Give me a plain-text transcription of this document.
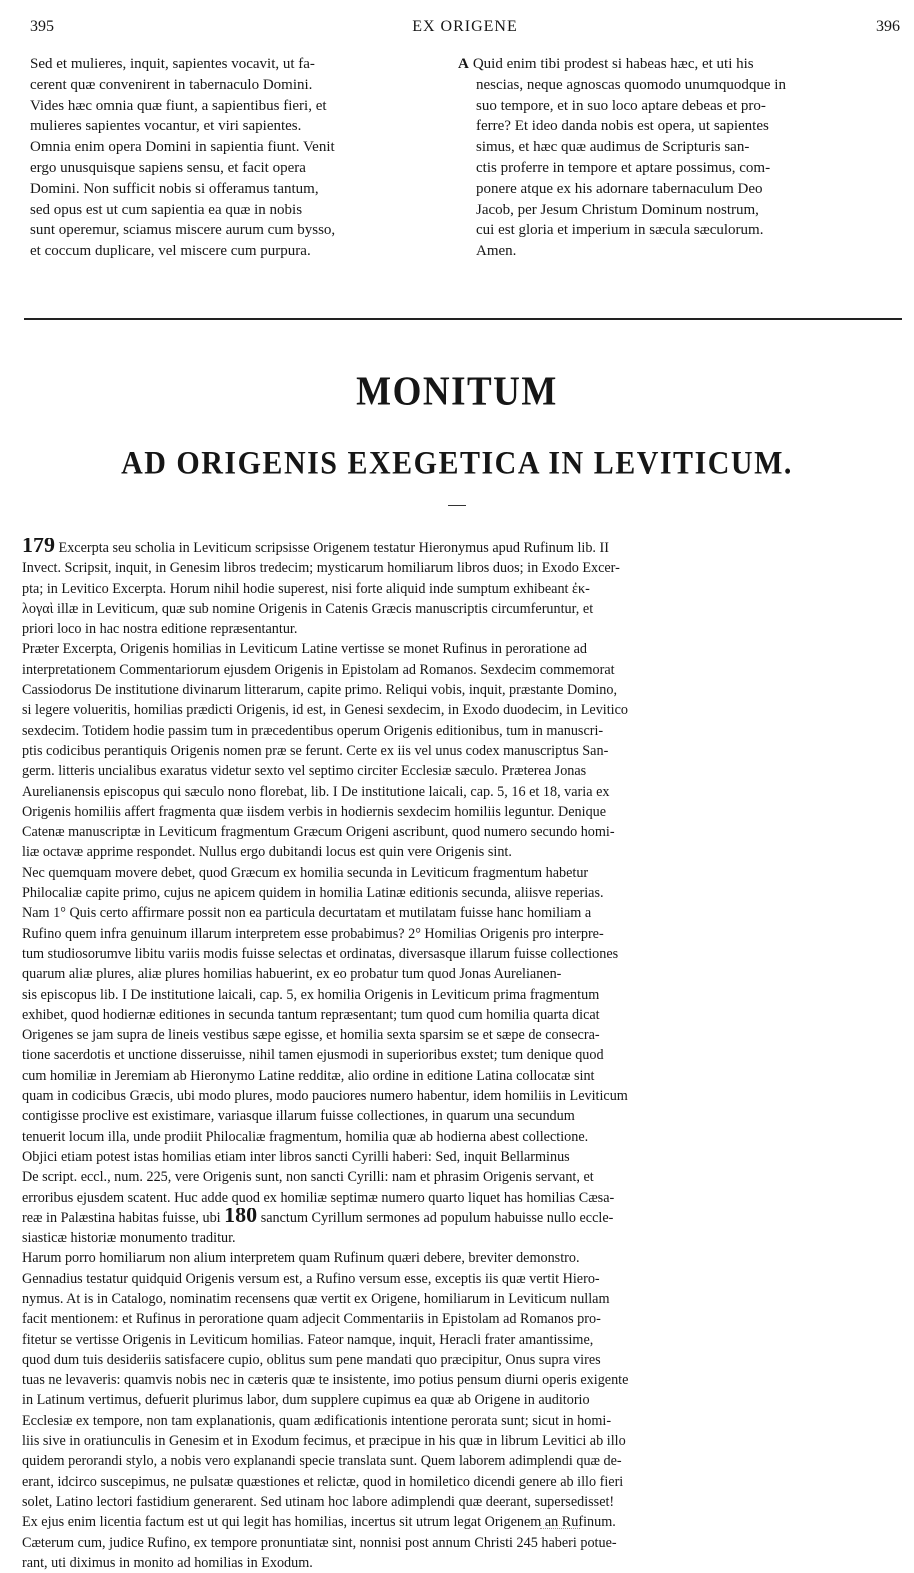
395	EX ORIGENE	396
Sed et mulieres, inquit, sapientes vocavit, ut fa-
cerent quæ convenirent in tabernaculo Domini.
Vides hæc omnia quæ fiunt, a sapientibus fieri, et
mulieres sapientes vocantur, et viri sapientes.
Omnia enim opera Domini in sapientia fiunt. Venit
ergo unusquisque sapiens sensu, et facit opera
Domini. Non sufficit nobis si offeramus tantum,
sed opus est ut cum sapientia ea quæ in nobis
sunt operemur, sciamus miscere aurum cum bysso,
et coccum duplicare, vel miscere cum purpura.
A Quid enim tibi prodest si habeas hæc, et uti his
nescias, neque agnoscas quomodo unumquodque in
suo tempore, et in suo loco aptare debeas et pro-
ferre? Et ideo danda nobis est opera, ut sapientes
simus, et hæc quæ audimus de Scripturis san-
ctis proferre in tempore et aptare possimus, com-
ponere atque ex his adornare tabernaculum Deo
Jacob, per Jesum Christum Dominum nostrum,
cui est gloria et imperium in sæcula sæculorum.
Amen.
MONITUM
AD ORIGENIS EXEGETICA IN LEVITICUM.
179 Excerpta seu scholia in Leviticum scripsisse Origenem testatur Hieronymus apud Rufinum lib. II
Invect. Scripsit, inquit, in Genesim libros tredecim; mysticarum homiliarum libros duos; in Exodo Excer-
pta; in Levitico Excerpta. Horum nihil hodie superest, nisi forte aliquid inde sumptum exhibeant ἐκ-
λογαὶ illæ in Leviticum, quæ sub nomine Origenis in Catenis Græcis manuscriptis circumferuntur, et
priori loco in hac nostra editione repræsentantur.
Præter Excerpta, Origenis homilias in Leviticum Latine vertisse se monet Rufinus in peroratione ad
interpretationem Commentariorum ejusdem Origenis in Epistolam ad Romanos. Sexdecim commemorat
Cassiodorus De institutione divinarum litterarum, capite primo. Reliqui vobis, inquit, præstante Domino,
si legere volueritis, homilias prædicti Origenis, id est, in Genesi sexdecim, in Exodo duodecim, in Levitico
sexdecim. Totidem hodie passim tum in præcedentibus operum Origenis editionibus, tum in manuscri-
ptis codicibus perantiquis Origenis nomen præ se ferunt. Certe ex iis vel unus codex manuscriptus San-
germ. litteris uncialibus exaratus videtur sexto vel septimo circiter Ecclesiæ sæculo. Præterea Jonas
Aurelianensis episcopus qui sæculo nono florebat, lib. I De institutione laicali, cap. 5, 16 et 18, varia ex
Origenis homiliis affert fragmenta quæ iisdem verbis in hodiernis sexdecim homiliis leguntur. Denique
Catenæ manuscriptæ in Leviticum fragmentum Græcum Origeni ascribunt, quod numero secundo homi-
liæ octavæ apprime respondet. Nullus ergo dubitandi locus est quin vere Origenis sint.
Nec quemquam movere debet, quod Græcum ex homilia secunda in Leviticum fragmentum habetur
Philocaliæ capite primo, cujus ne apicem quidem in homilia Latinæ editionis secunda, aliisve reperias.
Nam 1° Quis certo affirmare possit non ea particula decurtatam et mutilatam fuisse hanc homiliam a
Rufino quem infra genuinum illarum interpretem esse probabimus? 2° Homilias Origenis pro interpre-
tum studiosorumve libitu variis modis fuisse selectas et ordinatas, diversasque illarum fuisse collectiones
quarum aliæ plures, aliæ plures homilias habuerint, ex eo probatur tum quod Jonas Aurelianen-
sis episcopus lib. I De institutione laicali, cap. 5, ex homilia Origenis in Leviticum prima fragmentum
exhibet, quod hodiernæ editiones in secunda tantum repræsentant; tum quod cum homilia quarta dicat
Origenes se jam supra de lineis vestibus sæpe egisse, et homilia sexta sparsim se et sæpe de consecra-
tione sacerdotis et unctione disseruisse, nihil tamen ejusmodi in superioribus exstet; tum denique quod
cum homiliæ in Jeremiam ab Hieronymo Latine redditæ, alio ordine in editione Latina collocatæ sint
quam in codicibus Græcis, ubi modo plures, modo pauciores numero habentur, idem homiliis in Leviticum
contigisse proclive est existimare, variasque illarum fuisse collectiones, in quarum una secundum
tenuerit locum illa, unde prodiit Philocaliæ fragmentum, homilia quæ ab hodierna abest collectione.
Objici etiam potest istas homilias etiam inter libros sancti Cyrilli haberi: Sed, inquit Bellarminus
De script. eccl., num. 225, vere Origenis sunt, non sancti Cyrilli: nam et phrasim Origenis servant, et
erroribus ejusdem scatent. Huc adde quod ex homiliæ septimæ numero quarto liquet has homilias Cæsa-
reæ in Palæstina habitas fuisse, ubi 180 sanctum Cyrillum sermones ad populum habuisse nullo eccle-
siasticæ historiæ monumento traditur.
Harum porro homiliarum non alium interpretem quam Rufinum quæri debere, breviter demonstro.
Gennadius testatur quidquid Origenis versum est, a Rufino versum esse, exceptis iis quæ vertit Hiero-
nymus. At is in Catalogo, nominatim recensens quæ vertit ex Origene, homiliarum in Leviticum nullam
facit mentionem: et Rufinus in peroratione quam adjecit Commentariis in Epistolam ad Romanos pro-
fitetur se vertisse Origenis in Leviticum homilias. Fateor namque, inquit, Heracli frater amantissime,
quod dum tuis desideriis satisfacere cupio, oblitus sum pene mandati quo præcipitur, Onus supra vires
tuas ne levaveris: quamvis nobis nec in cæteris quæ te insistente, imo potius pensum diurni operis exigente
in Latinum vertimus, defuerit plurimus labor, dum supplere cupimus ea quæ ab Origene in auditorio
Ecclesiæ ex tempore, non tam explanationis, quam ædificationis intentione perorata sunt; sicut in homi-
liis sive in oratiunculis in Genesim et in Exodum fecimus, et præcipue in his quæ in librum Levitici ab illo
quidem perorandi stylo, a nobis vero explanandi specie translata sunt. Quem laborem adimplendi quæ de-
erant, idcirco suscepimus, ne pulsatæ quæstiones et relictæ, quod in homiletico dicendi genere ab illo fieri
solet, Latino lectori fastidium generarent. Sed utinam hoc labore adimplendi quæ deerant, supersedisset!
Ex ejus enim licentia factum est ut qui legit has homilias, incertus sit utrum legat Origenem an Rufinum.
Cæterum cum, judice Rufino, ex tempore pronuntiatæ sint, nonnisi post annum Christi 245 haberi potue-
rant, uti diximus in monito ad homilias in Exodum.
